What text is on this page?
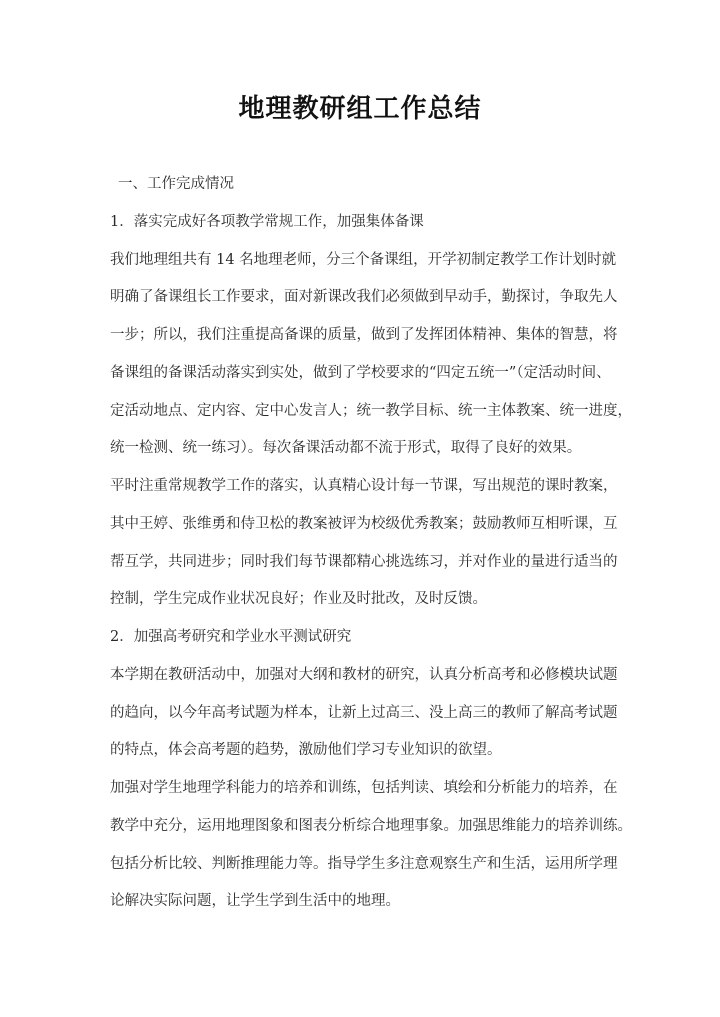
地理教研组工作总结
一、工作完成情况
1．落实完成好各项教学常规工作，加强集体备课
我们地理组共有 14 名地理老师，分三个备课组，开学初制定教学工作计划时就
明确了备课组长工作要求，面对新课改我们必须做到早动手，勤探讨，争取先人
一步；所以，我们注重提高备课的质量，做到了发挥团体精神、集体的智慧，将
备课组的备课活动落实到实处，做到了学校要求的“四定五统一”（定活动时间、
定活动地点、定内容、定中心发言人；统一教学目标、统一主体教案、统一进度，
统一检测、统一练习）。每次备课活动都不流于形式，取得了良好的效果。
平时注重常规教学工作的落实，认真精心设计每一节课，写出规范的课时教案，
其中王婷、张维勇和侍卫松的教案被评为校级优秀教案；鼓励教师互相听课，互
帮互学，共同进步；同时我们每节课都精心挑选练习，并对作业的量进行适当的
控制，学生完成作业状况良好；作业及时批改，及时反馈。
2．加强高考研究和学业水平测试研究
本学期在教研活动中，加强对大纲和教材的研究，认真分析高考和必修模块试题
的趋向，以今年高考试题为样本，让新上过高三、没上高三的教师了解高考试题
的特点，体会高考题的趋势，激励他们学习专业知识的欲望。
加强对学生地理学科能力的培养和训练，包括判读、填绘和分析能力的培养，在
教学中充分，运用地理图象和图表分析综合地理事象。加强思维能力的培养训练。
包括分析比较、判断推理能力等。指导学生多注意观察生产和生活，运用所学理
论解决实际问题，让学生学到生活中的地理。
